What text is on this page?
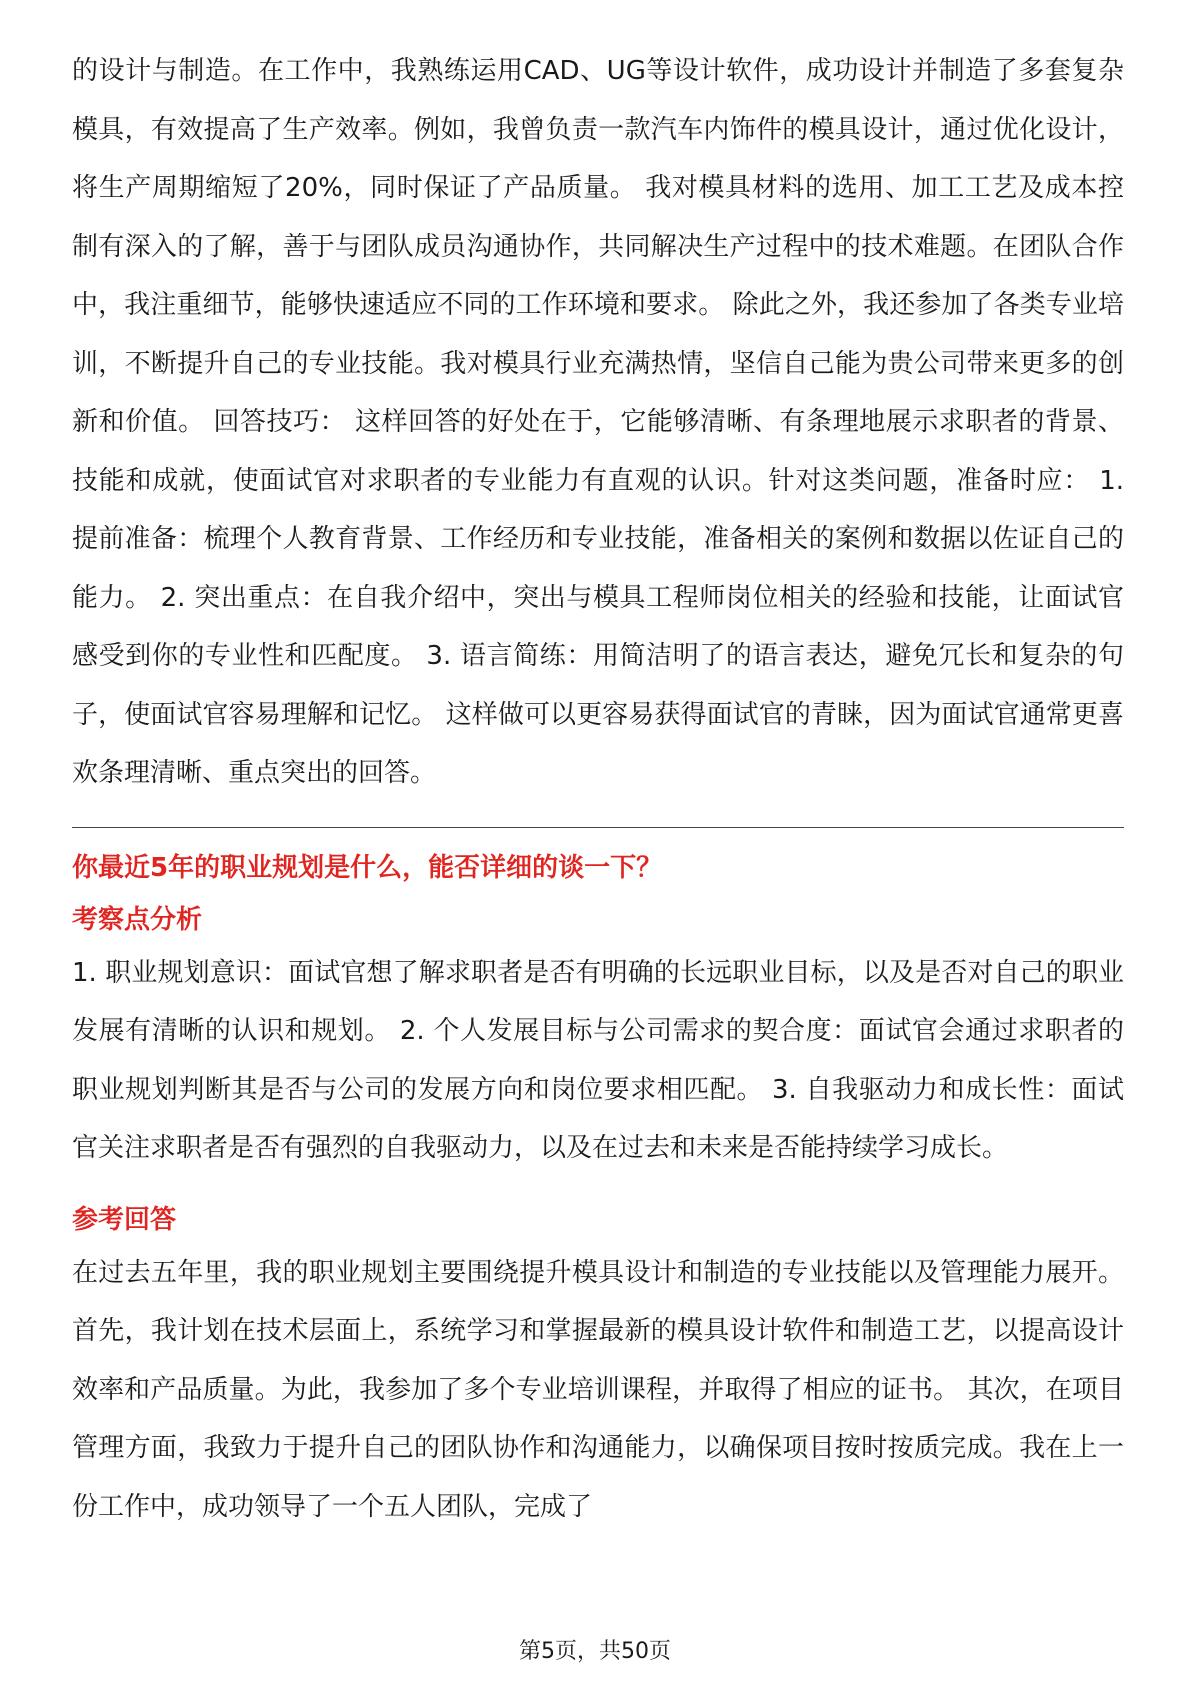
的设计与制造。在工作中，我熟练运用CAD、UG等设计软件，成功设计并制造了多套复杂模具，有效提高了生产效率。例如，我曾负责一款汽车内饰件的模具设计，通过优化设计，将生产周期缩短了20%，同时保证了产品质量。 我对模具材料的选用、加工工艺及成本控制有深入的了解，善于与团队成员沟通协作，共同解决生产过程中的技术难题。在团队合作中，我注重细节，能够快速适应不同的工作环境和要求。 除此之外，我还参加了各类专业培训，不断提升自己的专业技能。我对模具行业充满热情，坚信自己能为贵公司带来更多的创新和价值。 回答技巧： 这样回答的好处在于，它能够清晰、有条理地展示求职者的背景、技能和成就，使面试官对求职者的专业能力有直观的认识。针对这类问题，准备时应： 1. 提前准备：梳理个人教育背景、工作经历和专业技能，准备相关的案例和数据以佐证自己的能力。 2. 突出重点：在自我介绍中，突出与模具工程师岗位相关的经验和技能，让面试官感受到你的专业性和匹配度。 3. 语言简练：用简洁明了的语言表达，避免冗长和复杂的句子，使面试官容易理解和记忆。 这样做可以更容易获得面试官的青睐，因为面试官通常更喜欢条理清晰、重点突出的回答。

你最近5年的职业规划是什么，能否详细的谈一下？
考察点分析

1. 职业规划意识：面试官想了解求职者是否有明确的长远职业目标，以及是否对自己的职业发展有清晰的认识和规划。 2. 个人发展目标与公司需求的契合度：面试官会通过求职者的职业规划判断其是否与公司的发展方向和岗位要求相匹配。 3. 自我驱动力和成长性：面试官关注求职者是否有强烈的自我驱动力，以及在过去和未来是否能持续学习成长。

参考回答

在过去五年里，我的职业规划主要围绕提升模具设计和制造的专业技能以及管理能力展开。首先，我计划在技术层面上，系统学习和掌握最新的模具设计软件和制造工艺，以提高设计效率和产品质量。为此，我参加了多个专业培训课程，并取得了相应的证书。 其次，在项目管理方面，我致力于提升自己的团队协作和沟通能力，以确保项目按时按质完成。我在上一份工作中，成功领导了一个五人团队，完成了

第5页，共50页
